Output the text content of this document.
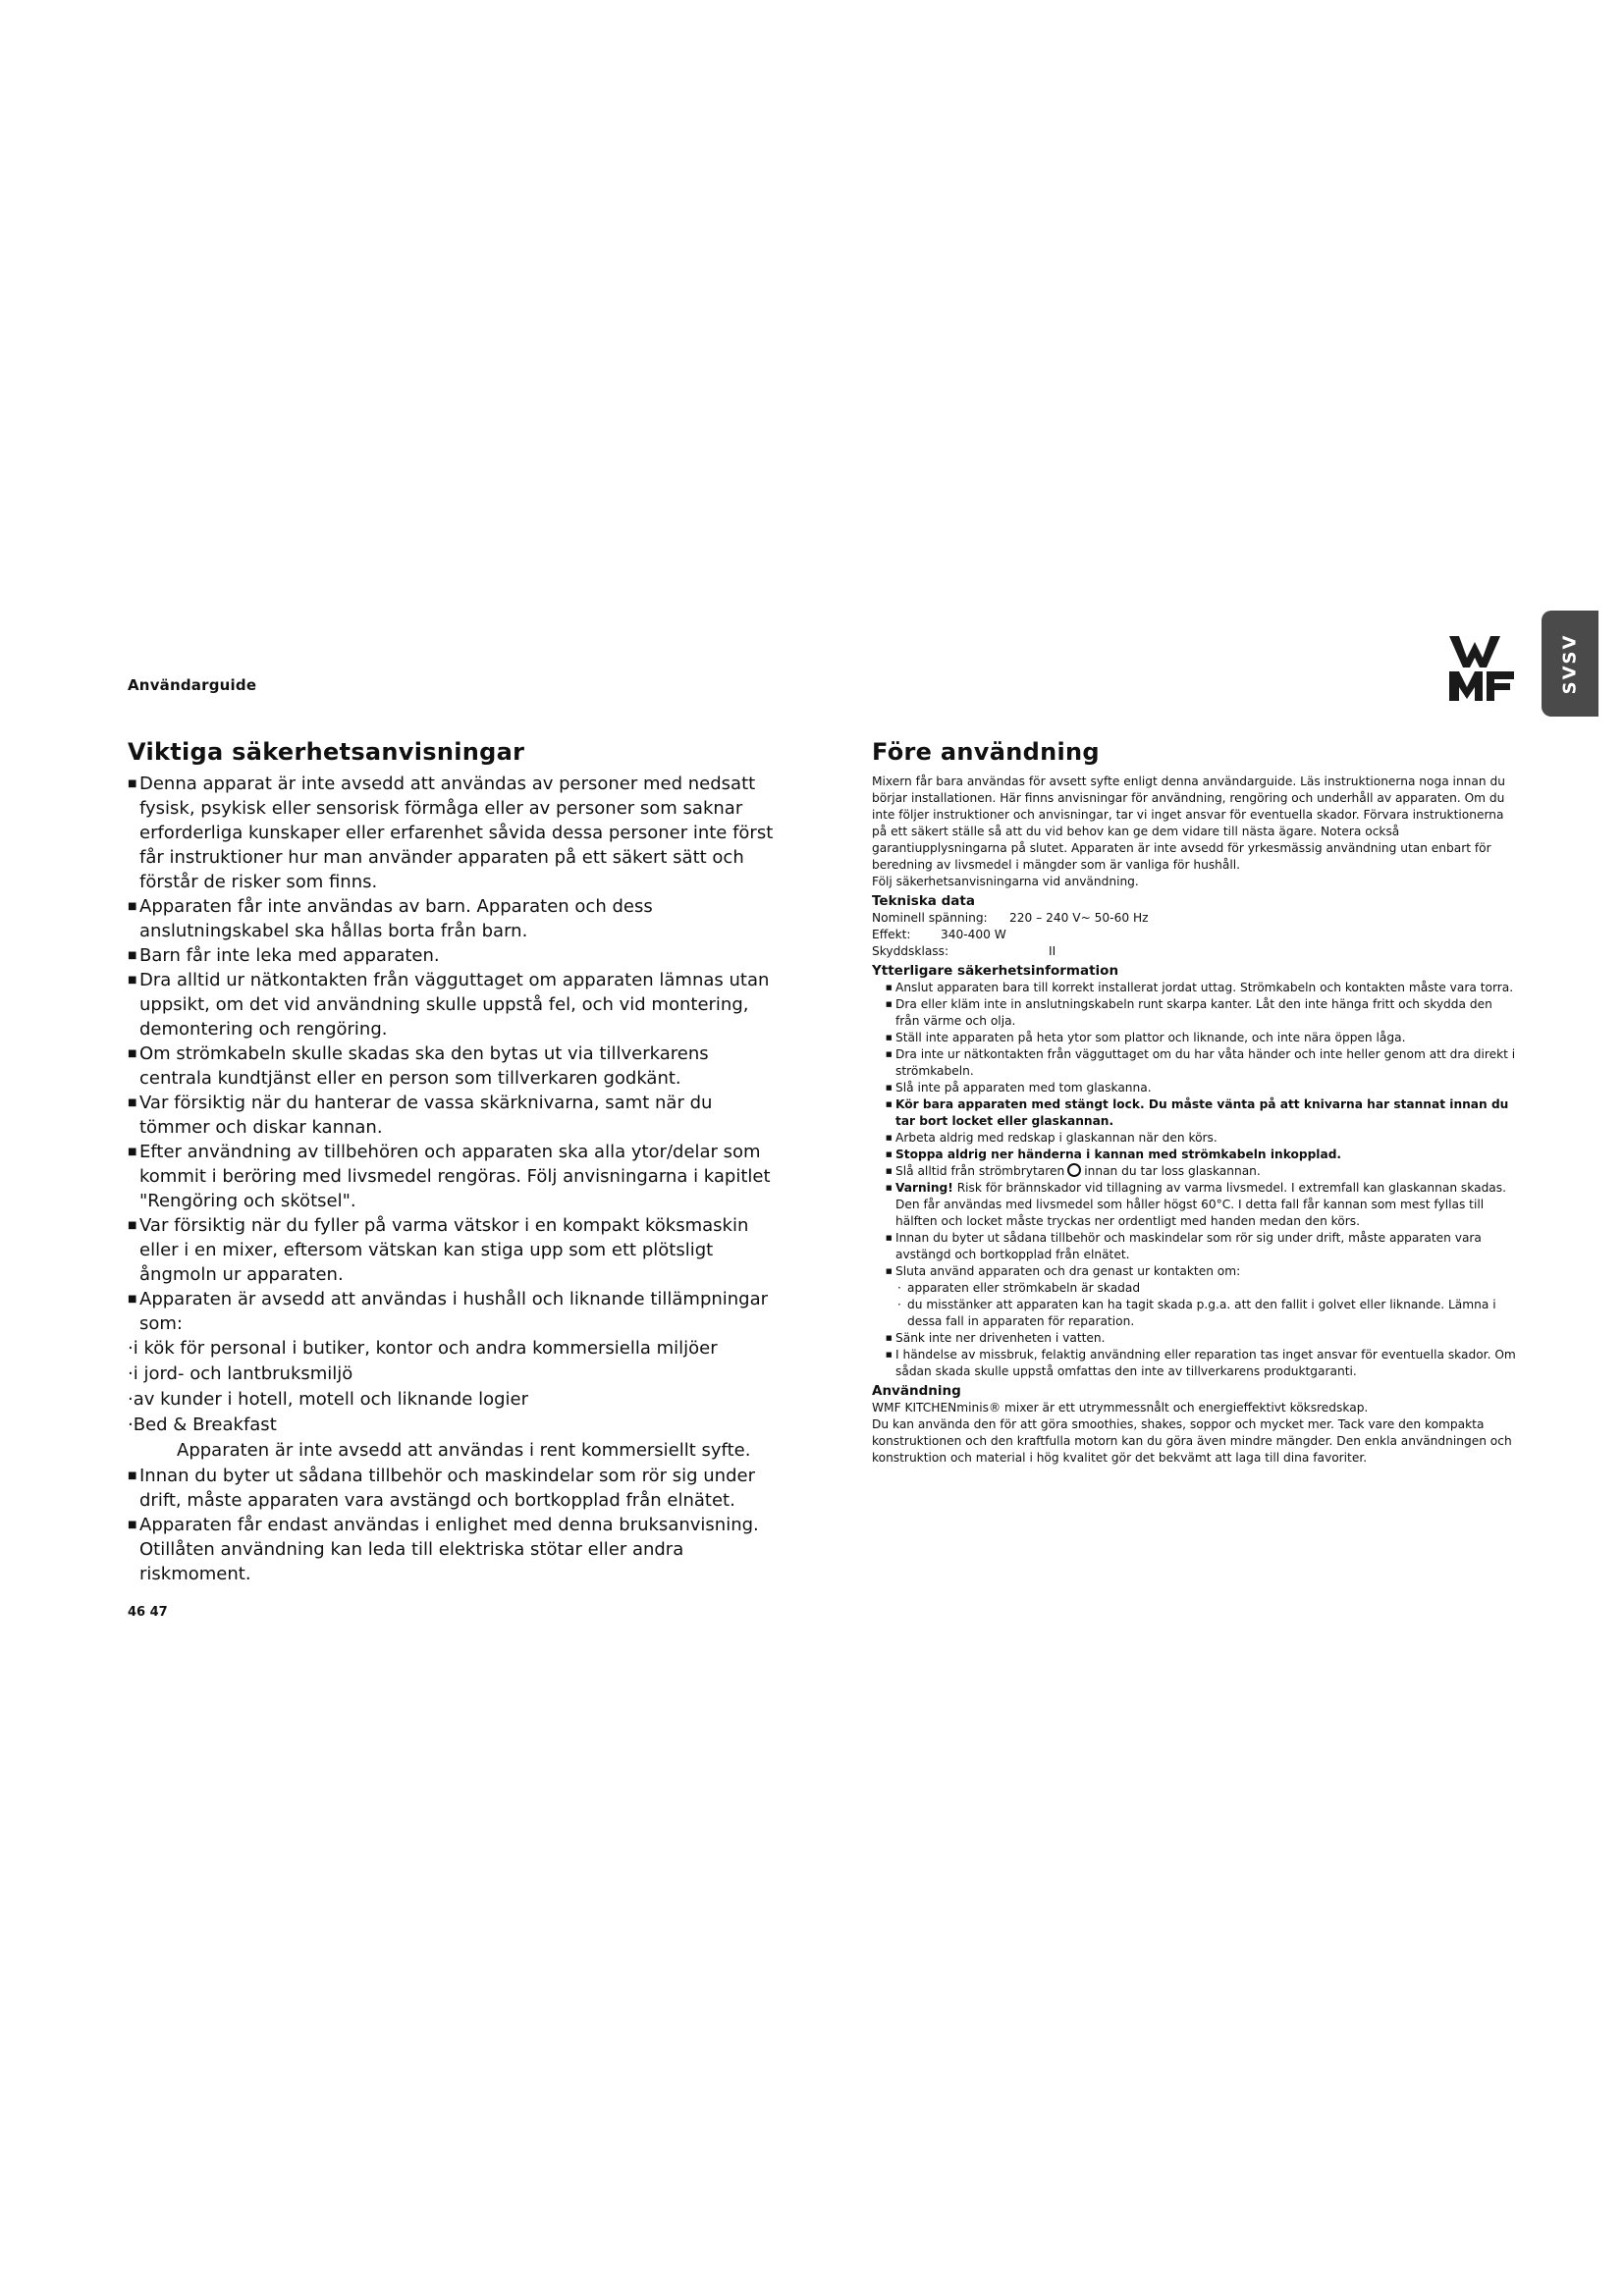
Användarguide	SVSV
Viktiga säkerhetsanvisningar
■ Denna apparat är inte avsedd att användas av personer med nedsatt fysisk, psykisk eller sensorisk förmåga eller av personer som saknar erforderliga kunskaper eller erfarenhet såvida dessa personer inte först får instruktioner hur man använder apparaten på ett säkert sätt och förstår de risker som finns.
■ Apparaten får inte användas av barn. Apparaten och dess anslutningskabel ska hållas borta från barn.
■ Barn får inte leka med apparaten.
■ Dra alltid ur nätkontakten från vägguttaget om apparaten lämnas utan uppsikt, om det vid användning skulle uppstå fel, och vid montering, demontering och rengöring.
■ Om strömkabeln skulle skadas ska den bytas ut via tillverkarens centrala kundtjänst eller en person som tillverkaren godkänt.
■ Var försiktig när du hanterar de vassa skärknivarna, samt när du tömmer och diskar kannan.
■ Efter användning av tillbehören och apparaten ska alla ytor/delar som kommit i beröring med livsmedel rengöras. Följ anvisningarna i kapitlet "Rengöring och skötsel".
■ Var försiktig när du fyller på varma vätskor i en kompakt köksmaskin eller i en mixer, eftersom vätskan kan stiga upp som ett plötsligt ångmoln ur apparaten.
■ Apparaten är avsedd att användas i hushåll och liknande tillämpningar som:
· i kök för personal i butiker, kontor och andra kommersiella miljöer
· i jord- och lantbruksmiljö
· av kunder i hotell, motell och liknande logier
· Bed & Breakfast

Apparaten är inte avsedd att användas i rent kommersiellt syfte.

■ Innan du byter ut sådana tillbehör och maskindelar som rör sig under drift, måste apparaten vara avstängd och bortkopplad från elnätet.
■ Apparaten får endast användas i enlighet med denna bruksanvisning. Otillåten användning kan leda till elektriska stötar eller andra riskmoment.
Före användning

Mixern får bara användas för avsett syfte enligt denna användarguide. Läs instruktionerna noga innan du börjar installationen. Här finns anvisningar för användning, rengöring och underhåll av apparaten. Om du inte följer instruktioner och anvisningar, tar vi inget ansvar för eventuella skador. Förvara instruktionerna på ett säkert ställe så att du vid behov kan ge dem vidare till nästa ägare. Notera också garantiupplysningarna på slutet. Apparaten är inte avsedd för yrkesmässig användning utan enbart för beredning av livsmedel i mängder som är vanliga för hushåll.

Följ säkerhetsanvisningarna vid användning.

Tekniska data
Nominell spänning:	220 – 240 V~ 50-60 Hz
Effekt:	340-400 W
Skyddsklass:	II
Ytterligare säkerhetsinformation
■ Anslut apparaten bara till korrekt installerat jordat uttag. Strömkabeln och kontakten måste vara torra.
■ Dra eller kläm inte in anslutningskabeln runt skarpa kanter. Låt den inte hänga fritt och skydda den från värme och olja.
■ Ställ inte apparaten på heta ytor som plattor och liknande, och inte nära öppen låga.
■ Dra inte ur nätkontakten från vägguttaget om du har våta händer och inte heller genom att dra direkt i strömkabeln.
■ Slå inte på apparaten med tom glaskanna.
■ Kör bara apparaten med stängt lock. Du måste vänta på att knivarna har stannat innan du tar bort locket eller glaskannan.
■ Arbeta aldrig med redskap i glaskannan när den körs.
■ Stoppa aldrig ner händerna i kannan med strömkabeln inkopplad.
■ Slå alltid från strömbrytaren innan du tar loss glaskannan.
■ Varning! Risk för brännskador vid tillagning av varma livsmedel. I extremfall kan glaskannan skadas. Den får användas med livsmedel som håller högst 60°C. I detta fall får kannan som mest fyllas till hälften och locket måste tryckas ner ordentligt med handen medan den körs.
■ Innan du byter ut sådana tillbehör och maskindelar som rör sig under drift, måste apparaten vara avstängd och bortkopplad från elnätet.
■ Sluta använd apparaten och dra genast ur kontakten om:
· apparaten eller strömkabeln är skadad
· du misstänker att apparaten kan ha tagit skada p.g.a. att den fallit i golvet eller liknande. Lämna i dessa fall in apparaten för reparation.
■ Sänk inte ner drivenheten i vatten.
■ I händelse av missbruk, felaktig användning eller reparation tas inget ansvar för eventuella skador. Om sådan skada skulle uppstå omfattas den inte av tillverkarens produktgaranti.
Användning

WMF KITCHENminis® mixer är ett utrymmessnålt och energieffektivt köksredskap.

Du kan använda den för att göra smoothies, shakes, soppor och mycket mer. Tack vare den kompakta konstruktionen och den kraftfulla motorn kan du göra även mindre mängder. Den enkla användningen och konstruktion och material i hög kvalitet gör det bekvämt att laga till dina favoriter.

46 47
